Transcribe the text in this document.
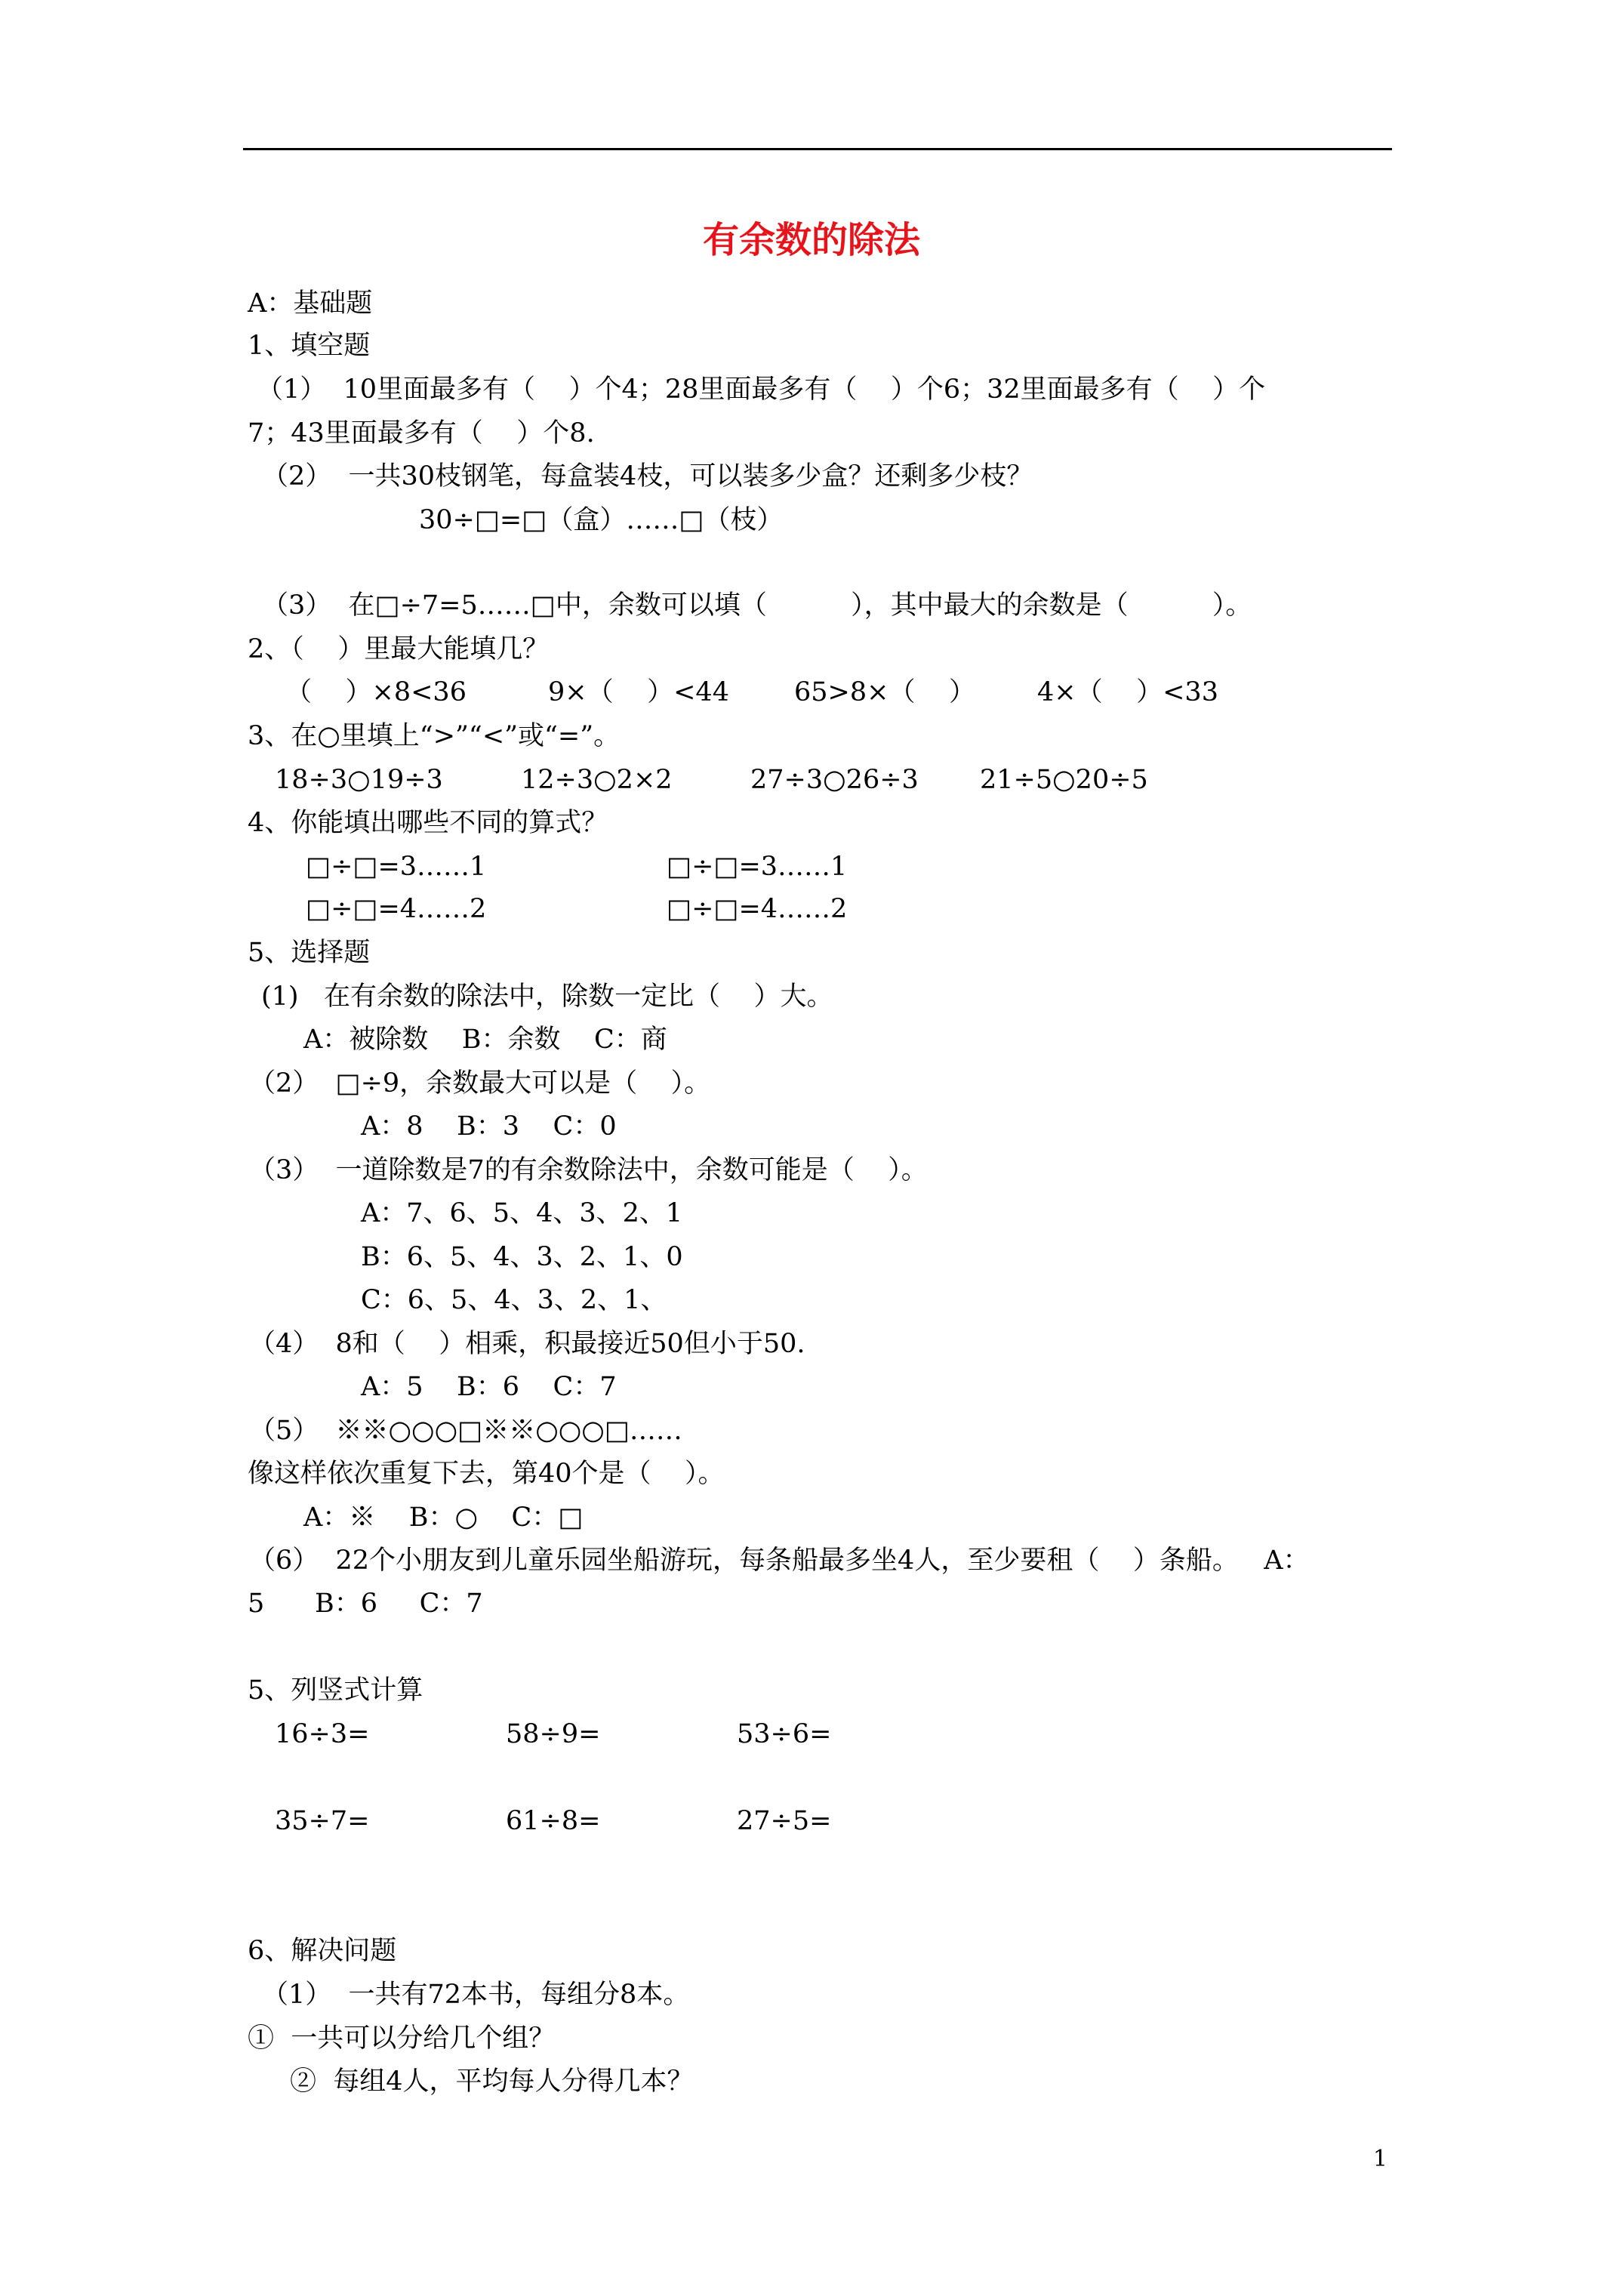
有余数的除法
A：基础题
1、填空题
（1）  10里面最多有（    ）个4；28里面最多有（    ）个6；32里面最多有（    ）个
7；43里面最多有（    ）个8.
（2）  一共30枝钢笔，每盒装4枝，可以装多少盒？还剩多少枝？
30÷□=□（盒）……□（枝）
（3）  在□÷7=5……□中，余数可以填（          ），其中最大的余数是（          ）。
2、（    ）里最大能填几？
（    ）×8<36	9×（    ）<44 65>8×（    ） 4×（    ）<33
3、在○里填上“>”“<”或“=”。
18÷3○19÷3	12÷3○2×2	27÷3○26÷3 21÷5○20÷5
4、你能填出哪些不同的算式？
□÷□=3……1	□÷□=3……1
□÷□=4……2	□÷□=4……2
5、选择题
(1)   在有余数的除法中，除数一定比（    ）大。
A：被除数    B：余数    C：商
（2）  □÷9，余数最大可以是（    ）。
A：8    B：3    C：0
（3）  一道除数是7的有余数除法中，余数可能是（    ）。
A：7、6、5、4、3、2、1
B：6、5、4、3、2、1、0
C：6、5、4、3、2、1、
（4）  8和（    ）相乘，积最接近50但小于50.
A：5    B：6    C：7
（5）  ※※○○○□※※○○○□……
像这样依次重复下去，第40个是（    ）。
A：※    B：○    C：□
（6）  22个小朋友到儿童乐园坐船游玩，每条船最多坐4人，至少要租（    ）条船。   A：
5      B：6     C：7
5、列竖式计算
16÷3=	58÷9=	53÷6=
35÷7=	61÷8=	27÷5=
6、解决问题
（1）  一共有72本书，每组分8本。
①  一共可以分给几个组？
②  每组4人，平均每人分得几本？
1
